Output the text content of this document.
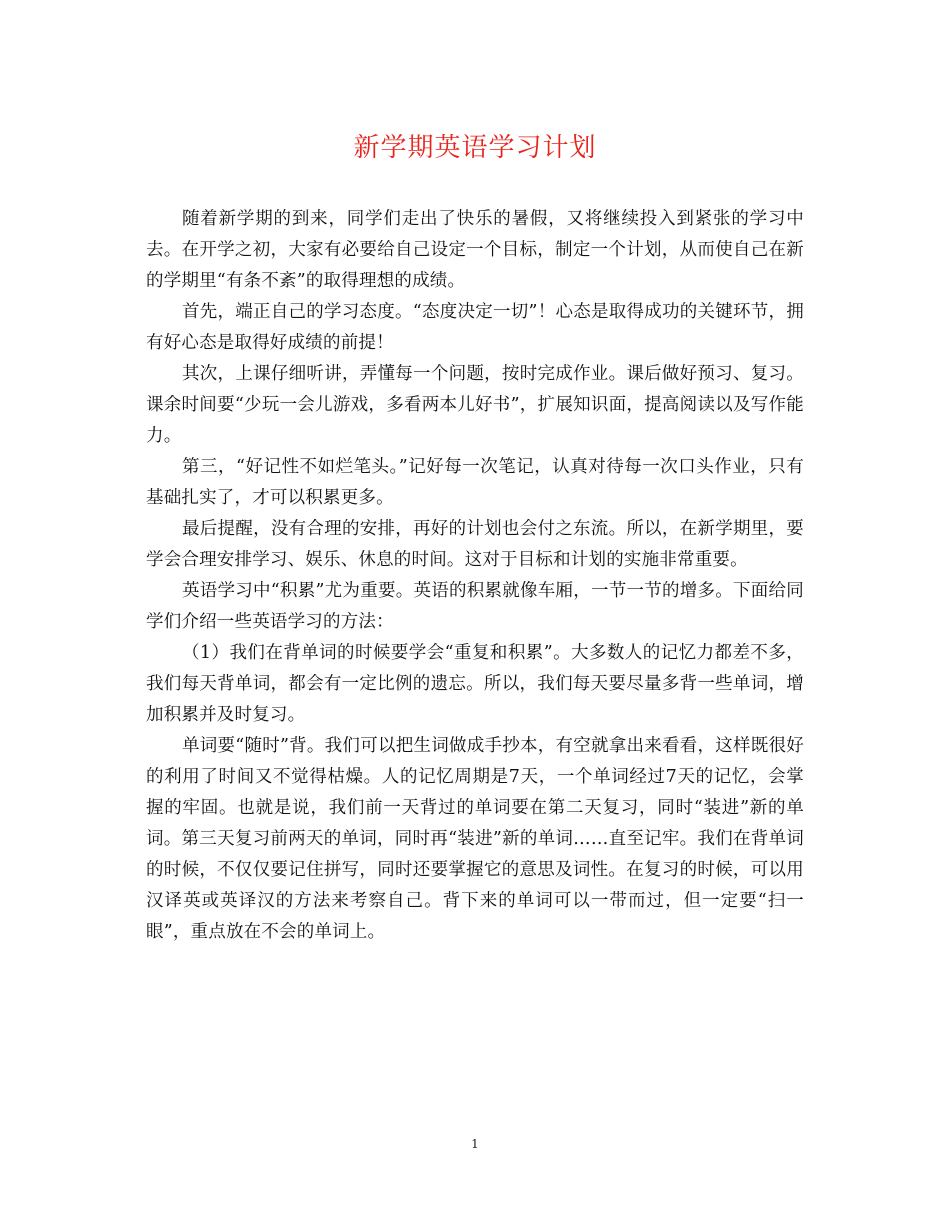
新学期英语学习计划

随着新学期的到来，同学们走出了快乐的暑假，又将继续投入到紧张的学习中去。在开学之初，大家有必要给自己设定一个目标，制定一个计划，从而使自己在新的学期里“有条不紊”的取得理想的成绩。

首先，端正自己的学习态度。“态度决定一切”！心态是取得成功的关键环节，拥有好心态是取得好成绩的前提！

其次，上课仔细听讲，弄懂每一个问题，按时完成作业。课后做好预习、复习。课余时间要“少玩一会儿游戏，多看两本儿好书”，扩展知识面，提高阅读以及写作能力。

第三，“好记性不如烂笔头。”记好每一次笔记，认真对待每一次口头作业，只有基础扎实了，才可以积累更多。

最后提醒，没有合理的安排，再好的计划也会付之东流。所以，在新学期里，要学会合理安排学习、娱乐、休息的时间。这对于目标和计划的实施非常重要。

英语学习中“积累”尤为重要。英语的积累就像车厢，一节一节的增多。下面给同学们介绍一些英语学习的方法：

（1）我们在背单词的时候要学会“重复和积累”。大多数人的记忆力都差不多，我们每天背单词，都会有一定比例的遗忘。所以，我们每天要尽量多背一些单词，增加积累并及时复习。

单词要“随时”背。我们可以把生词做成手抄本，有空就拿出来看看，这样既很好的利用了时间又不觉得枯燥。人的记忆周期是7天，一个单词经过7天的记忆，会掌握的牢固。也就是说，我们前一天背过的单词要在第二天复习，同时“装进”新的单词。第三天复习前两天的单词，同时再“装进”新的单词……直至记牢。我们在背单词的时候，不仅仅要记住拼写，同时还要掌握它的意思及词性。在复习的时候，可以用汉译英或英译汉的方法来考察自己。背下来的单词可以一带而过，但一定要“扫一眼”，重点放在不会的单词上。

1
